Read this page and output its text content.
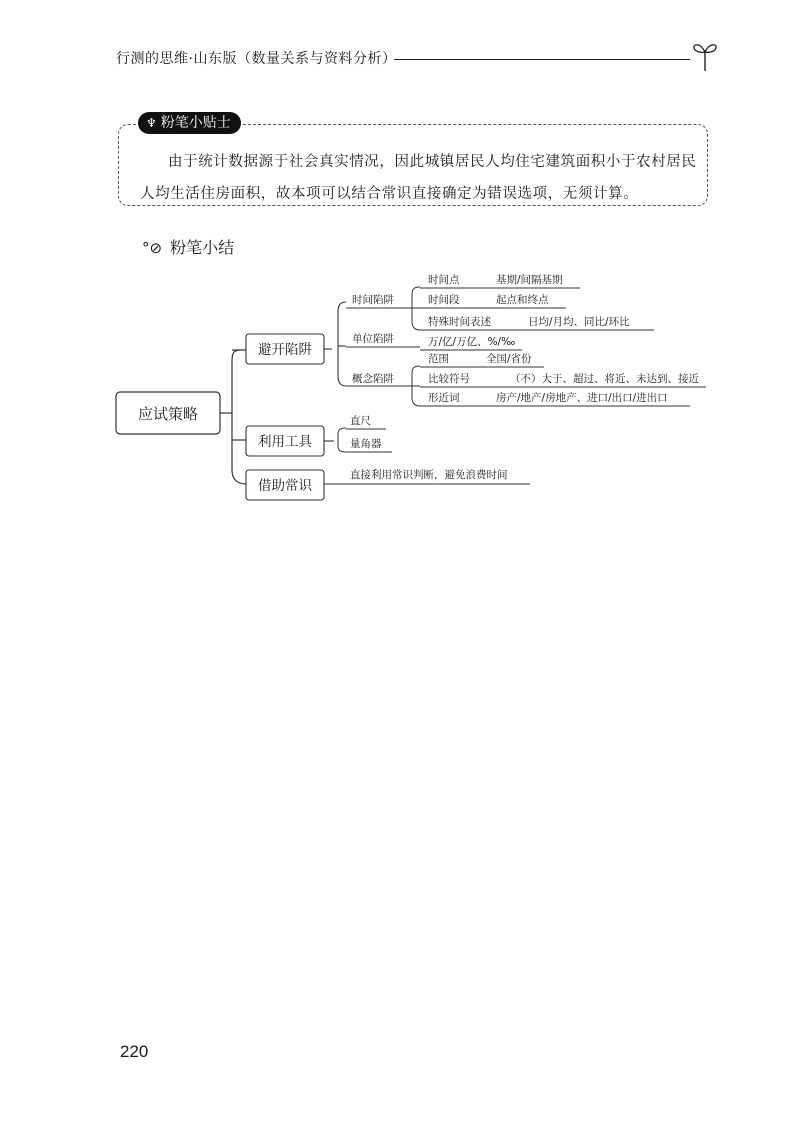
行测的思维·山东版（数量关系与资料分析）
♆ 粉笔小贴士
由于统计数据源于社会真实情况，因此城镇居民人均住宅建筑面积小于农村居民人均生活住房面积，故本项可以结合常识直接确定为错误选项，无须计算。
°⊘ 粉笔小结
应试策略
避开陷阱
利用工具
借助常识
时间陷阱
时间点	基期/间隔基期
时间段	起点和终点
特殊时间表述	日均/月均、同比/环比
单位陷阱	万/亿/万亿、%/‰
概念陷阱
范围	全国/省份
比较符号	（不）大于、超过、将近、未达到、接近
形近词	房产/地产/房地产、进口/出口/进出口
直尺
量角器
直接利用常识判断，避免浪费时间
220
